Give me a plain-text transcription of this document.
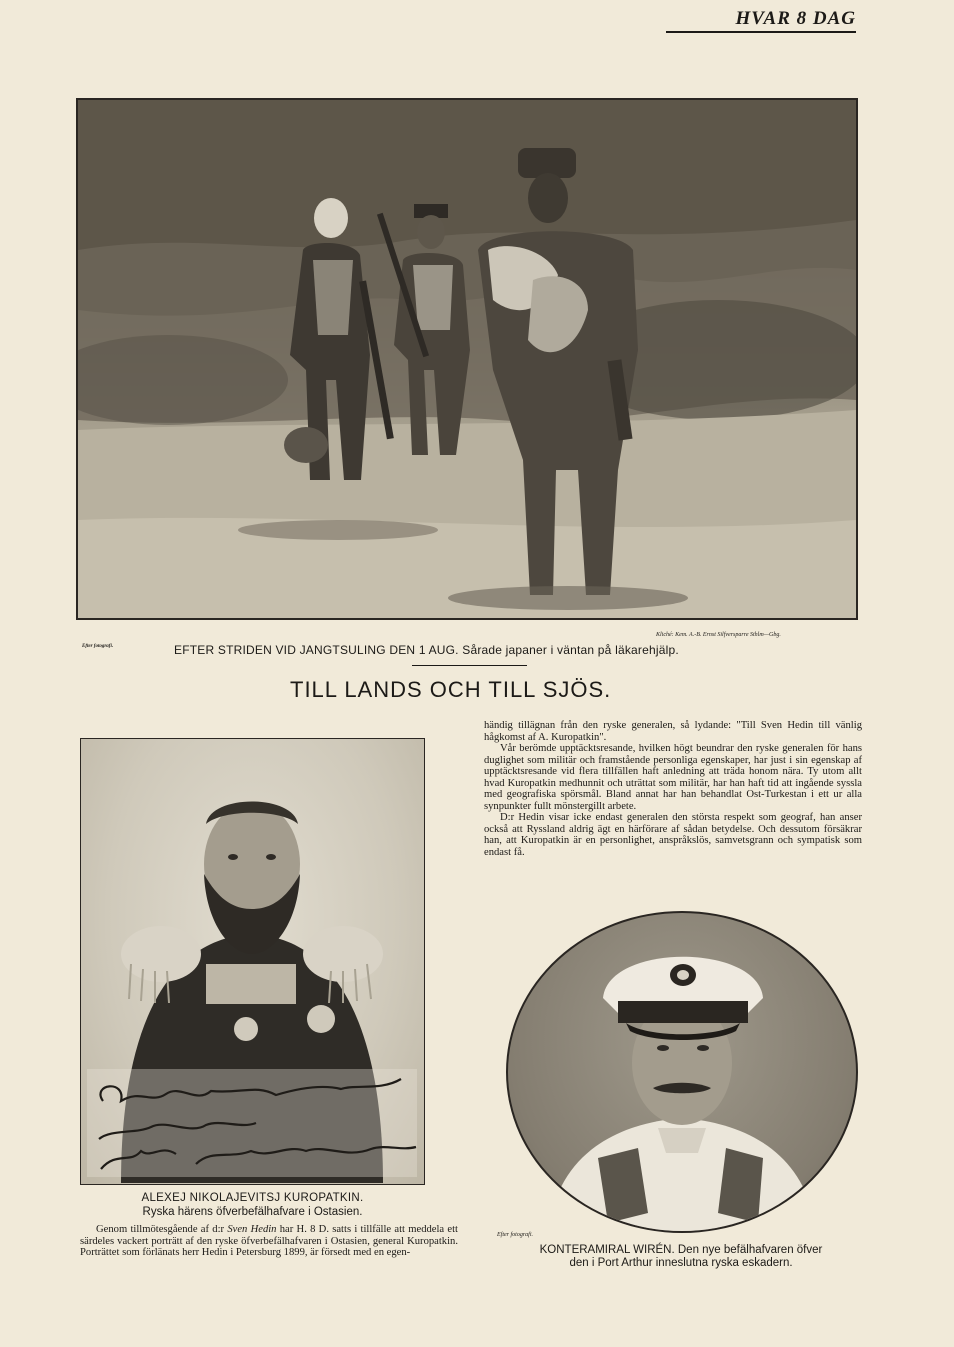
HVAR 8 DAG
Efter fotografi.
Kliché: Kem. A.-B. Ernst Silfversparre Sthlm—Gbg.
EFTER STRIDEN VID JANGTSULING DEN 1 AUG. Sårade japaner i väntan på läkarehjälp.
TILL LANDS OCH TILL SJÖS.
ALEXEJ NIKOLAJEVITSJ KUROPATKIN.
Ryska härens öfverbefälhafvare i Ostasien.

Genom tillmötesgående af d:r Sven Hedin har H. 8 D. satts i tillfälle att meddela ett särdeles vackert porträtt af den ryske öfverbefälhafvaren i Ostasien, general Kuropatkin. Porträttet som förlänats herr Hedin i Petersburg 1899, är försedt med en egen-

händig tillägnan från den ryske generalen, så lydande: "Till Sven Hedin till vänlig hågkomst af A. Kuropatkin".

Vår berömde upptäcktsresande, hvilken högt beundrar den ryske generalen för hans duglighet som militär och framstående personliga egenskaper, har just i sin egenskap af upptäcktsresande vid flera tillfällen haft anledning att träda honom nära. Ty utom allt hvad Kuropatkin medhunnit och uträttat som militär, har han haft tid att ingående syssla med geografiska spörsmål. Bland annat har han behandlat Ost-Turkestan i ett ur alla synpunkter fullt mönstergillt arbete.

D:r Hedin visar icke endast generalen den största respekt som geograf, han anser också att Ryssland aldrig ägt en härförare af sådan betydelse. Och dessutom försäkrar han, att Kuropatkin är en personlighet, anspråkslös, samvetsgrann och sympatisk som endast få.

Efter fotografi.
KONTERAMIRAL WIRÉN. Den nye befälhafvaren öfver
den i Port Arthur inneslutna ryska eskadern.
